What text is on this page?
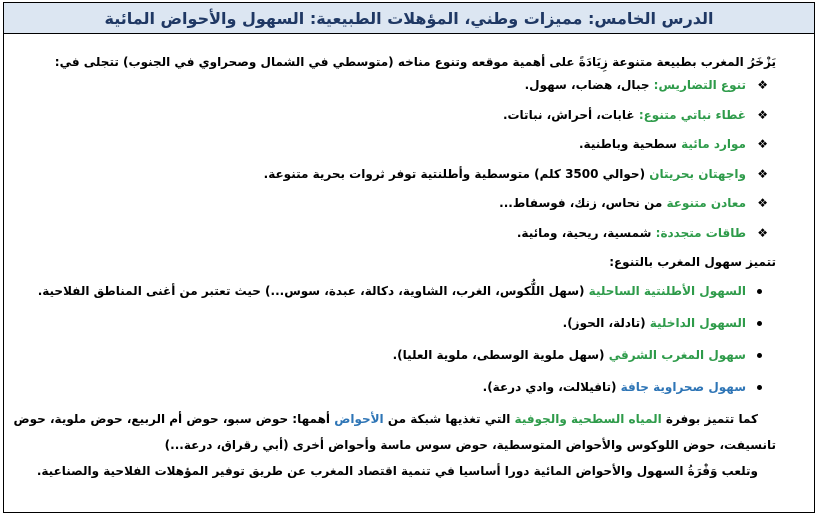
الدرس الخامس: مميزات وطني، المؤهلات الطبيعية: السهول والأحواض المائية
يَزْخَرُ المغرب بطبيعة متنوعة زِيَادَةً على أهمية موقعه وتنوع مناخه (متوسطي في الشمال وصحراوي في الجنوب) تتجلى في:
❖
تنوع التضاريس: جبال، هضاب، سهول.
❖
غطاء نباتي متنوع: غابات، أحراش، نباتات.
❖
موارد مائية سطحية وباطنية.
❖
واجهتان بحريتان (حوالي 3500 كلم) متوسطية وأطلنتية توفر ثروات بحرية متنوعة.
❖
معادن متنوعة من نحاس، زنك، فوسفاط...
❖
طاقات متجددة: شمسية، ريحية، ومائية.
تتميز سهول المغرب بالتنوع:
السهول الأطلنتية الساحلية (سهل اللُّكوس، الغرب، الشاوية، دكالة، عبدة، سوس...) حيث تعتبر من أغنى المناطق الفلاحية.
السهول الداخلية (تادلة، الحوز).
سهول المغرب الشرقي (سهل ملوية الوسطى، ملوية العليا).
سهول صحراوية جافة (تافيلالت، وادي درعة).
كما تتميز بوفرة المياه السطحية والجوفية التي تغذيها شبكة من الأحواض أهمها: حوض سبو، حوض أم الربيع، حوض ملوية، حوض
تانسيفت، حوض اللوكوس والأحواض المتوسطية، حوض سوس ماسة وأحواض أخرى (أبي رقراق، درعة...)
وتلعب وَفْرَةُ السهول والأحواض المائية دورا أساسيا في تنمية اقتصاد المغرب عن طريق توفير المؤهلات الفلاحية والصناعية.
